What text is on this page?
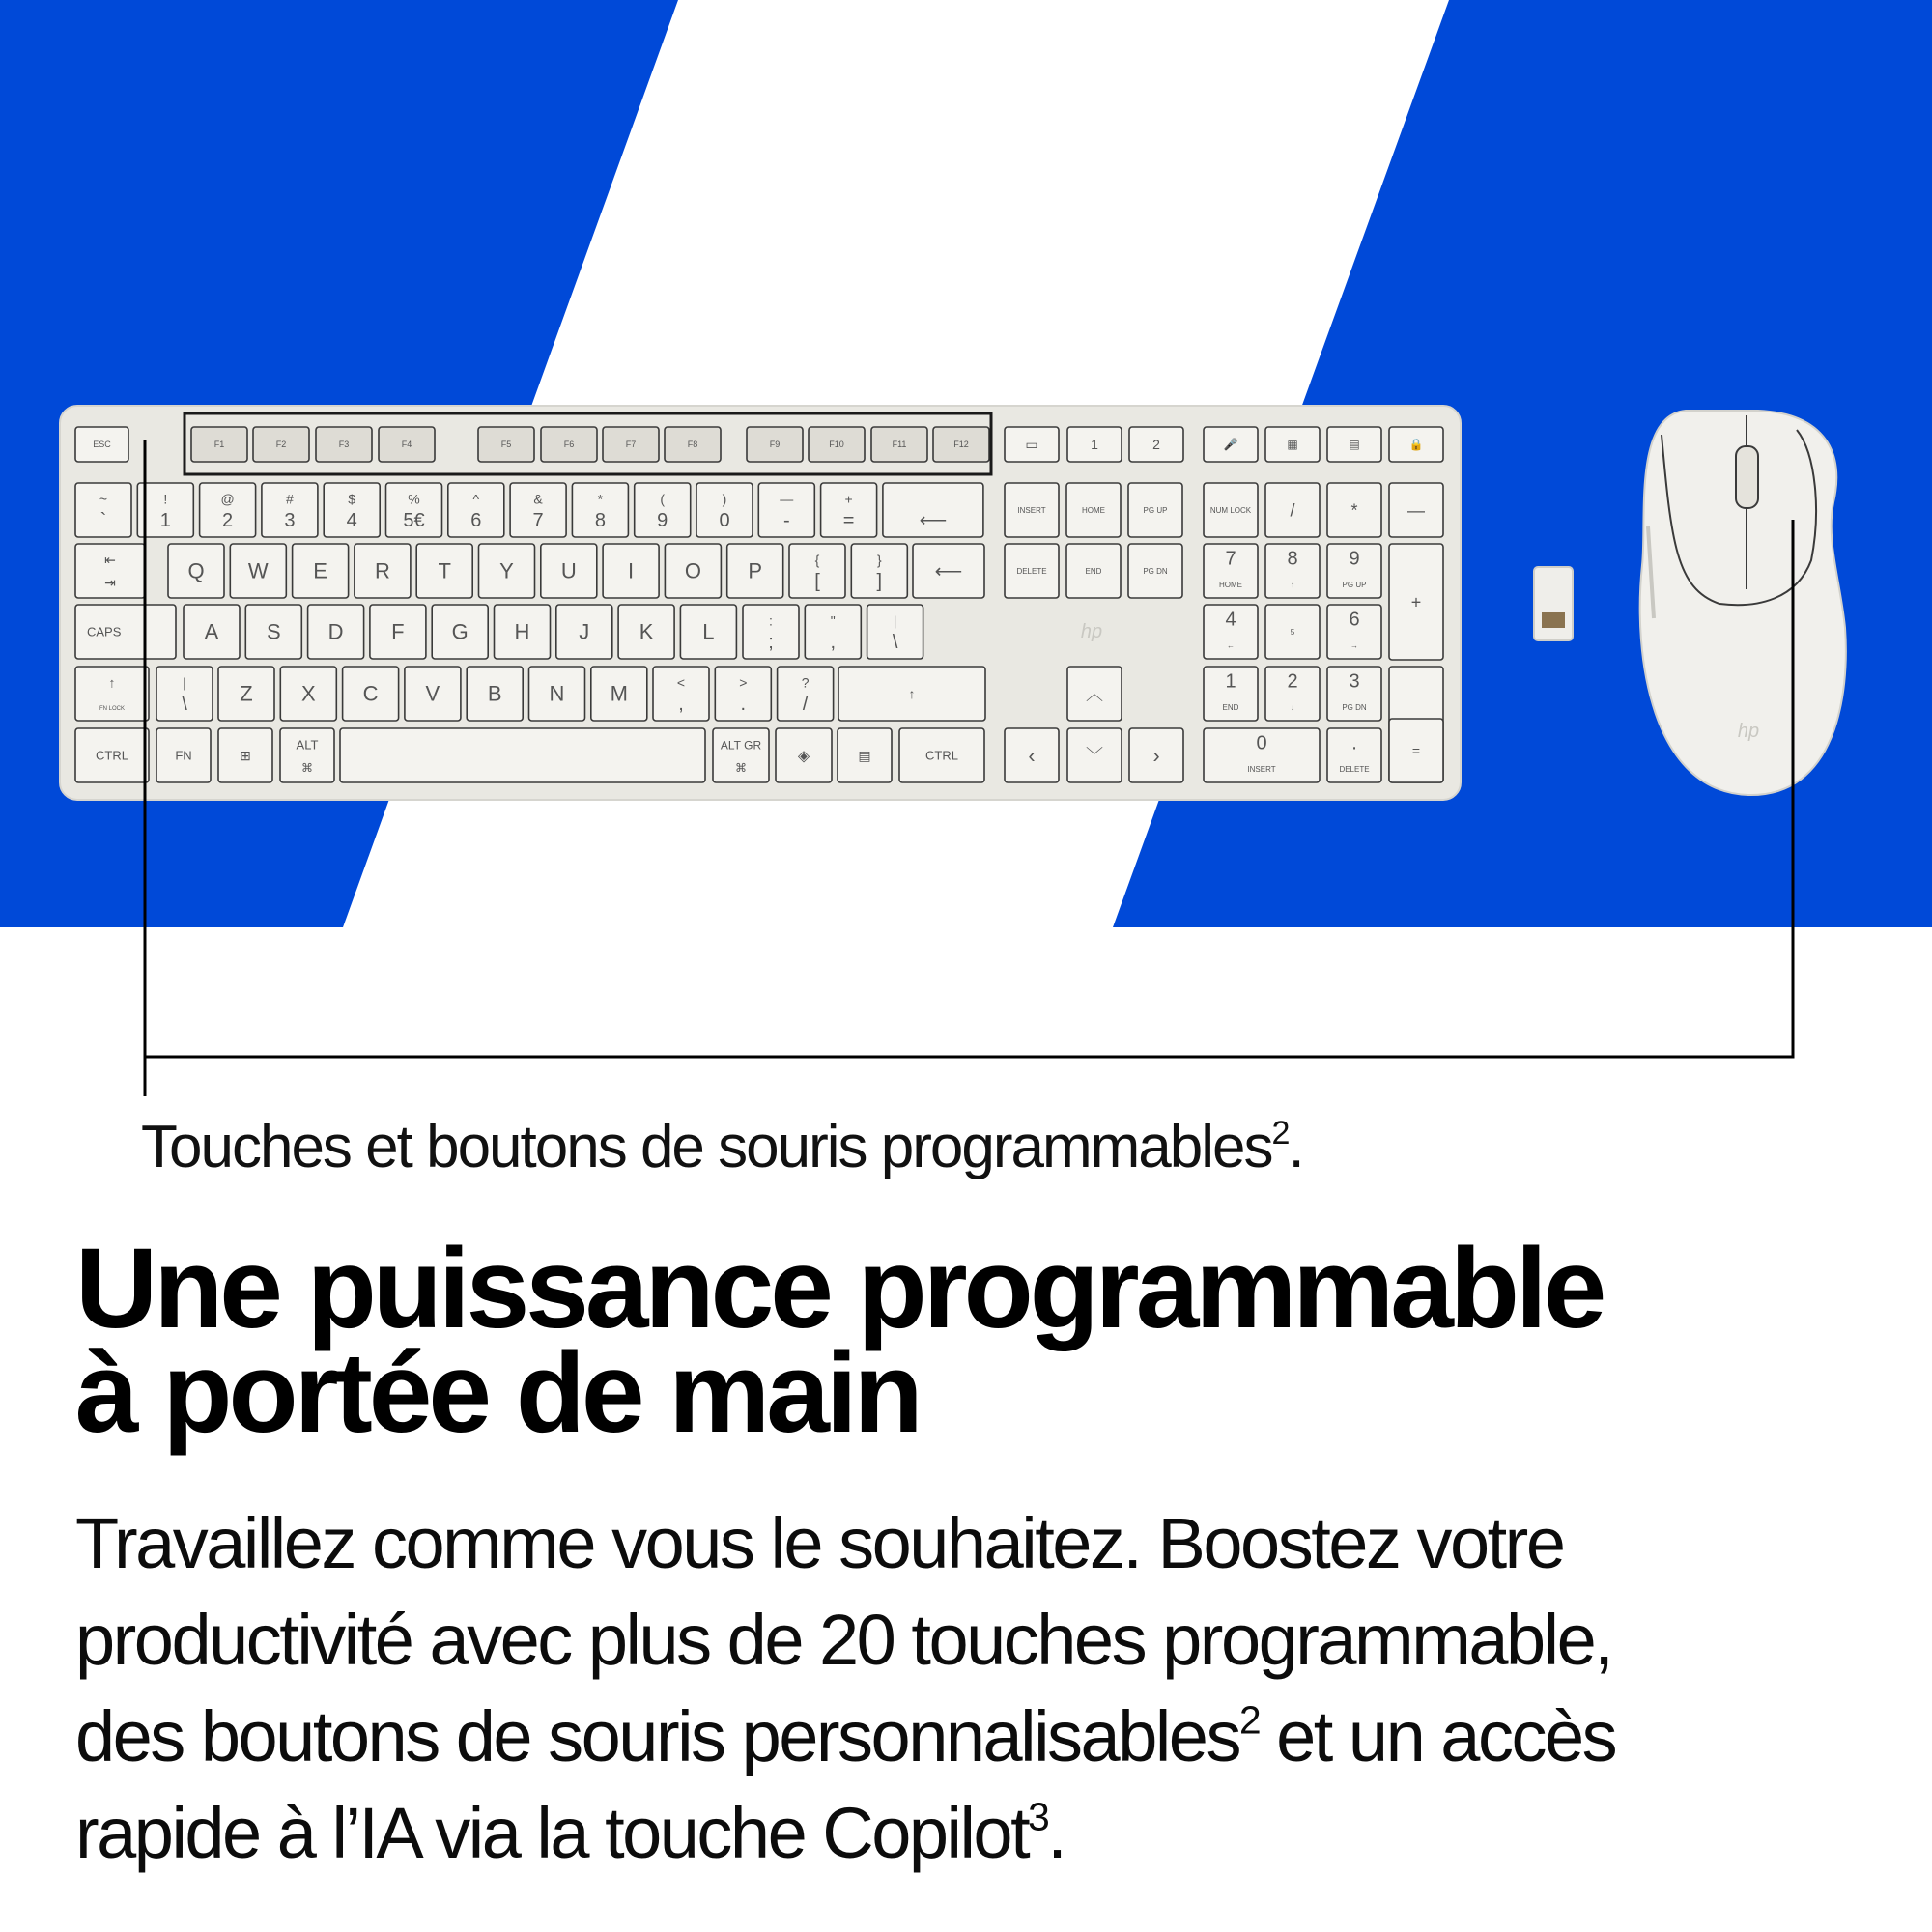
ESC	F1	F2	F3	F4	F5	F6	F7	F8	F9	F10	F11	F12	▭	1	2	🎤	▦	▤	🔒
~
`
!
1
@
2
#
3
$
4
%
5€
^
6
&
7
*
8
(
9
)
0
—
-
+
=	⟵	INSERT	HOME	PG UP	NUM LOCK /	*	—
⇤
⇥	Q W E R T Y U I O P	{
[
}
]	⟵	DELETE	END	PG DN
7
HOME
8
↑
9
PG UP
+
CAPS	A S D F G H J K L	:
;
"
,
|
\
4
←
5
6
→
↑
FN LOCK
|
\ Z X C V B N M	<
,
>
.
?
/	↑	︿
1
END
2
↓
3
PG DN
CTRL	FN	⊞
ALT
⌘
ALT GR
⌘
◈	▤	CTRL	‹	﹀ ›
0
INSERT
.
DELETE
=
hp
hp
Touches et boutons de souris programmables$^2$.
Une puissance programmable
à portée de main

Travaillez comme vous le souhaitez. Boostez votre
productivité avec plus de 20 touches programmable,
des boutons de souris personnalisables$^2$ et un accès
rapide à l’IA via la touche Copilot$^3$.
